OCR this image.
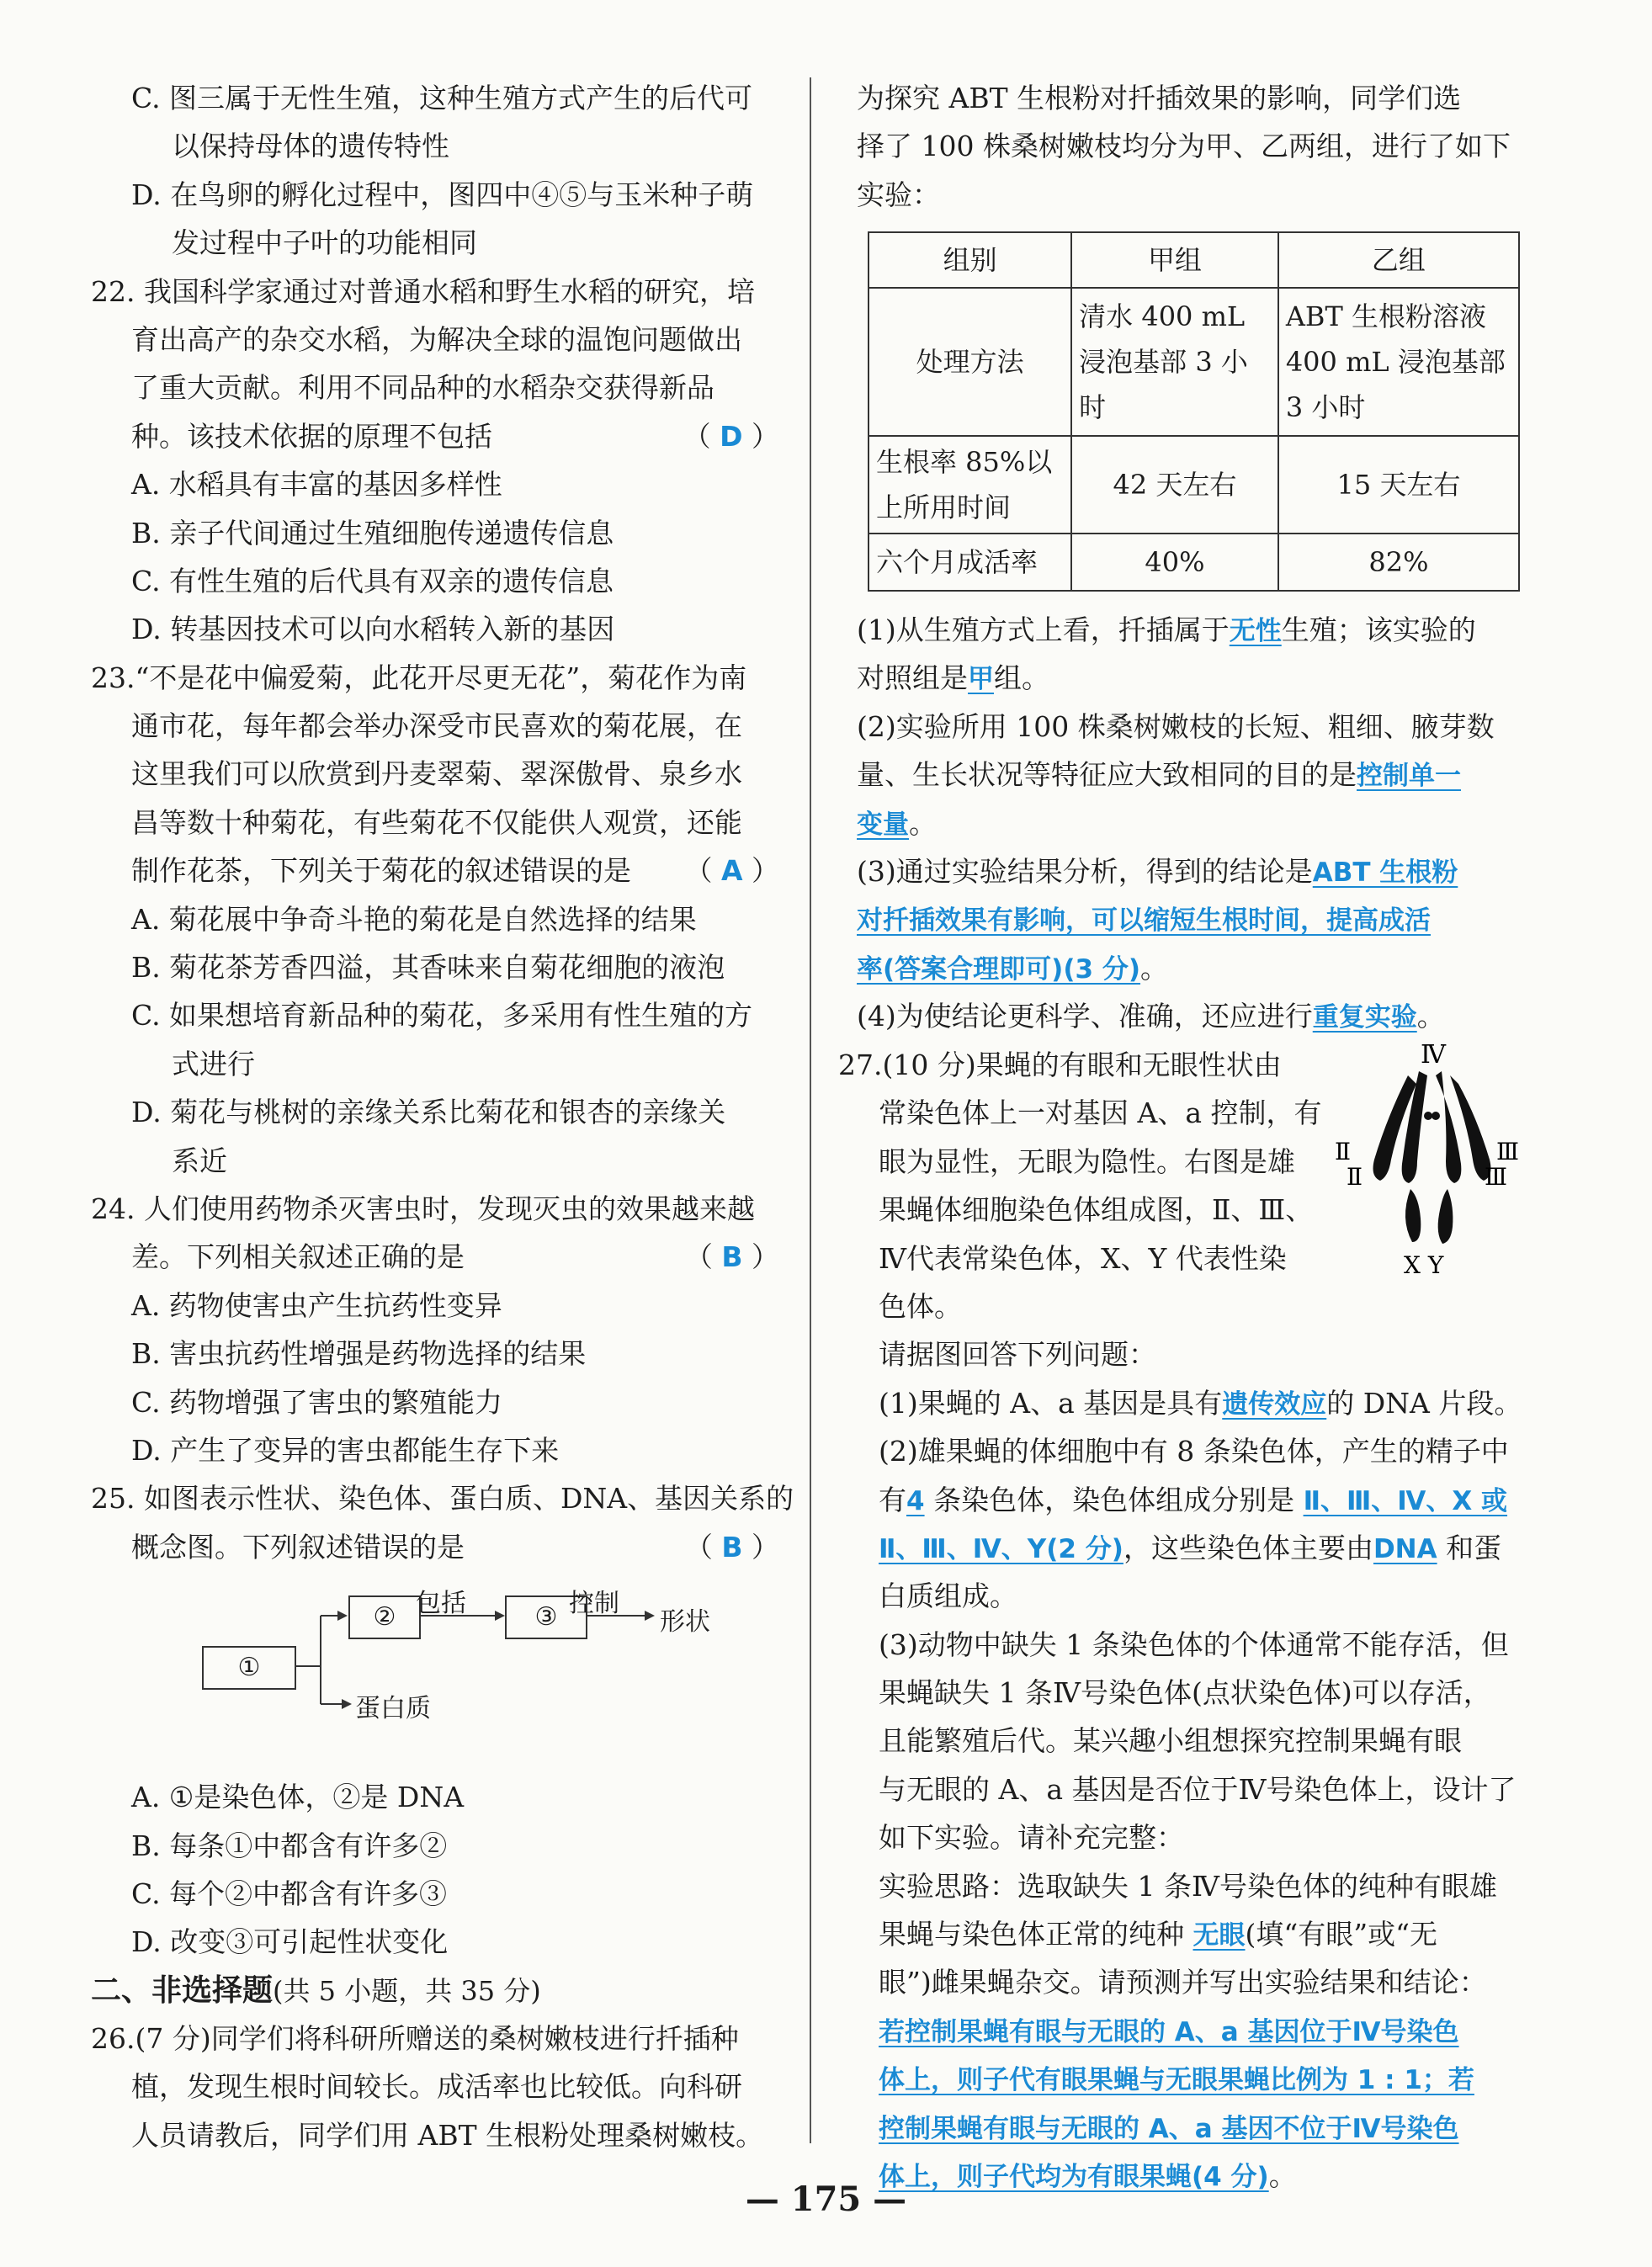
C. 图三属于无性生殖，这种生殖方式产生的后代可
以保持母体的遗传特性
D. 在鸟卵的孵化过程中，图四中④⑤与玉米种子萌
发过程中子叶的功能相同
22. 我国科学家通过对普通水稻和野生水稻的研究，培
育出高产的杂交水稻，为解决全球的温饱问题做出
了重大贡献。利用不同品种的水稻杂交获得新品
种。该技术依据的原理不包括	（ D ）
A. 水稻具有丰富的基因多样性
B. 亲子代间通过生殖细胞传递遗传信息
C. 有性生殖的后代具有双亲的遗传信息
D. 转基因技术可以向水稻转入新的基因
23.“不是花中偏爱菊，此花开尽更无花”，菊花作为南
通市花，每年都会举办深受市民喜欢的菊花展，在
这里我们可以欣赏到丹麦翠菊、翠深傲骨、泉乡水
昌等数十种菊花，有些菊花不仅能供人观赏，还能
制作花茶，下列关于菊花的叙述错误的是 （ A ）
A. 菊花展中争奇斗艳的菊花是自然选择的结果
B. 菊花茶芳香四溢，其香味来自菊花细胞的液泡
C. 如果想培育新品种的菊花，多采用有性生殖的方
式进行
D. 菊花与桃树的亲缘关系比菊花和银杏的亲缘关
系近
24. 人们使用药物杀灭害虫时，发现灭虫的效果越来越
差。下列相关叙述正确的是	（ B ）
A. 药物使害虫产生抗药性变异
B. 害虫抗药性增强是药物选择的结果
C. 药物增强了害虫的繁殖能力
D. 产生了变异的害虫都能生存下来
25. 如图表示性状、染色体、蛋白质、DNA、基因关系的
概念图。下列叙述错误的是	（ B ）
A. ①是染色体，②是 DNA
B. 每条①中都含有许多②
C. 每个②中都含有许多③
D. 改变③可引起性状变化
二、非选择题(共 5 小题，共 35 分)
26.(7 分)同学们将科研所赠送的桑树嫩枝进行扦插种
植，发现生根时间较长。成活率也比较低。向科研
人员请教后，同学们用 ABT 生根粉处理桑树嫩枝。
为探究 ABT 生根粉对扦插效果的影响，同学们选
择了 100 株桑树嫩枝均分为甲、乙两组，进行了如下
实验：
组别	甲组	乙组
处理方法	清水 400 mL 浸泡基部 3 小时	ABT 生根粉溶液 400 mL 浸泡基部 3 小时
生根率 85%以上所用时间	42 天左右	15 天左右
六个月成活率	40%	82%
(1)从生殖方式上看，扦插属于无性生殖；该实验的
对照组是甲组。
(2)实验所用 100 株桑树嫩枝的长短、粗细、腋芽数
量、生长状况等特征应大致相同的目的是控制单一
变量。
(3)通过实验结果分析，得到的结论是ABT 生根粉
对扦插效果有影响，可以缩短生根时间，提高成活
率(答案合理即可)(3 分)。
(4)为使结论更科学、准确，还应进行重复实验。
27.(10 分)果蝇的有眼和无眼性状由
常染色体上一对基因 A、a 控制，有
眼为显性，无眼为隐性。右图是雄
果蝇体细胞染色体组成图，Ⅱ、Ⅲ、
Ⅳ代表常染色体，X、Y 代表性染
色体。
请据图回答下列问题：
(1)果蝇的 A、a 基因是具有遗传效应的 DNA 片段。
(2)雄果蝇的体细胞中有 8 条染色体，产生的精子中
有4 条染色体，染色体组成分别是 Ⅱ、Ⅲ、Ⅳ、X 或
Ⅱ、Ⅲ、Ⅳ、Y(2 分)，这些染色体主要由DNA 和蛋
白质组成。
(3)动物中缺失 1 条染色体的个体通常不能存活，但
果蝇缺失 1 条Ⅳ号染色体(点状染色体)可以存活，
且能繁殖后代。某兴趣小组想探究控制果蝇有眼
与无眼的 A、a 基因是否位于Ⅳ号染色体上，设计了
如下实验。请补充完整：
实验思路：选取缺失 1 条Ⅳ号染色体的纯种有眼雄
果蝇与染色体正常的纯种 无眼(填“有眼”或“无
眼”)雌果蝇杂交。请预测并写出实验结果和结论：
若控制果蝇有眼与无眼的 A、a 基因位于Ⅳ号染色
体上，则子代有眼果蝇与无眼果蝇比例为 1 : 1；若
控制果蝇有眼与无眼的 A、a 基因不位于Ⅳ号染色
体上，则子代均为有眼果蝇(4 分)。
Ⅳ
Ⅱ
Ⅱ
Ⅲ
Ⅲ
X Y
①
②	③
包括	控制
形状
蛋白质
— 175 —
